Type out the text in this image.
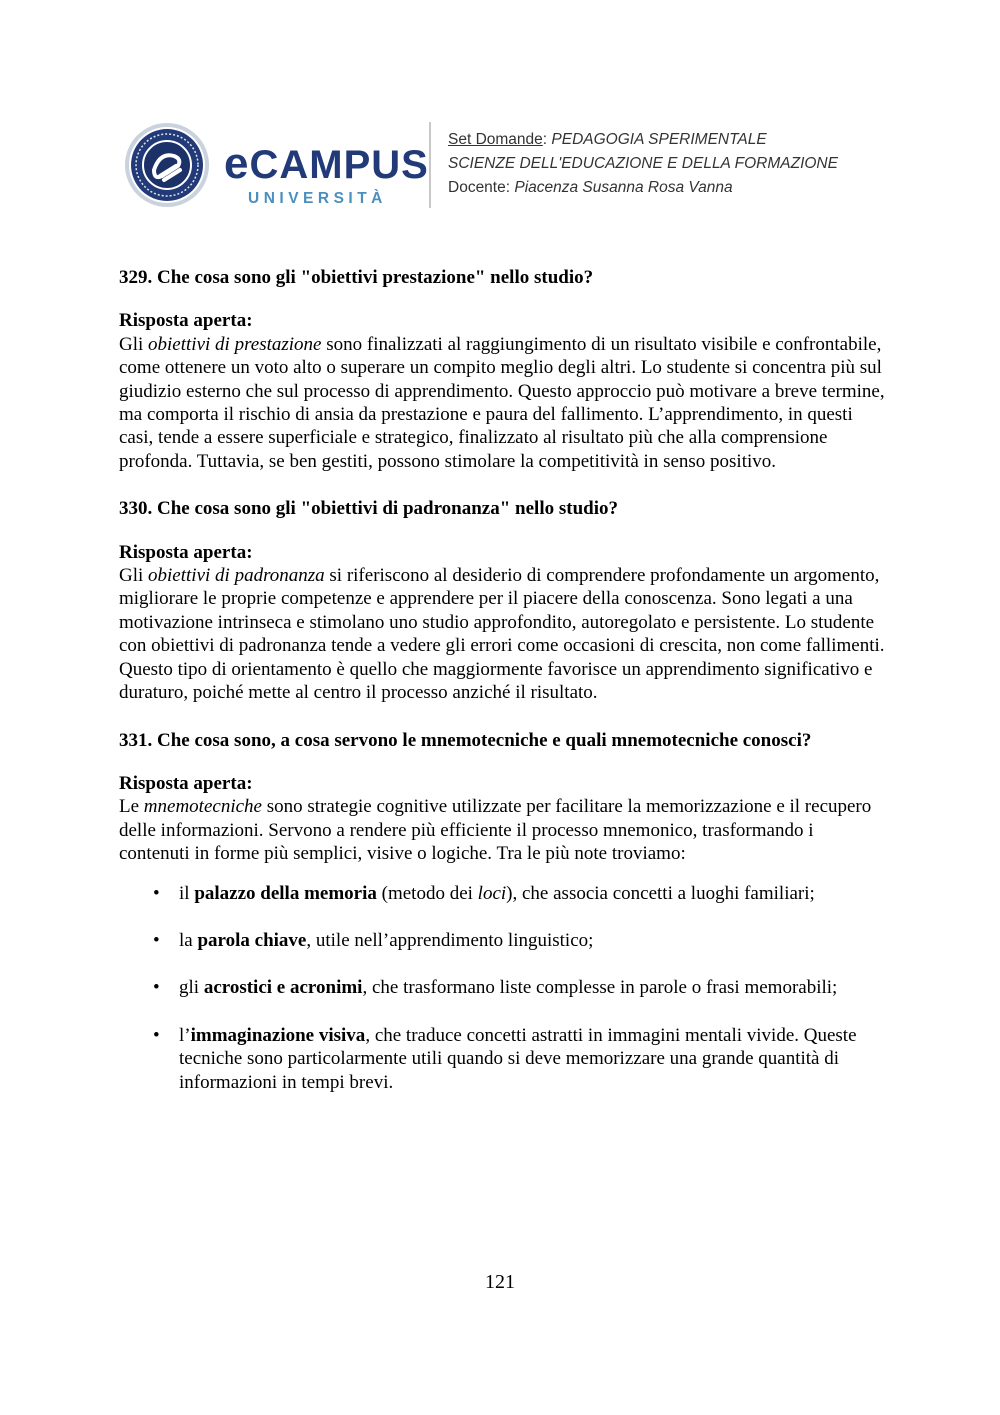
eCAMPUS
UNIVERSITÀ
Set Domande: PEDAGOGIA SPERIMENTALE
SCIENZE DELL'EDUCAZIONE E DELLA FORMAZIONE
Docente: Piacenza Susanna Rosa Vanna

329. Che cosa sono gli "obiettivi prestazione" nello studio?

Risposta aperta:

Gli obiettivi di prestazione sono finalizzati al raggiungimento di un risultato visibile e confrontabile, come ottenere un voto alto o superare un compito meglio degli altri. Lo studente si concentra più sul giudizio esterno che sul processo di apprendimento. Questo approccio può motivare a breve termine, ma comporta il rischio di ansia da prestazione e paura del fallimento. L’apprendimento, in questi casi, tende a essere superficiale e strategico, finalizzato al risultato più che alla comprensione profonda. Tuttavia, se ben gestiti, possono stimolare la competitività in senso positivo.

330. Che cosa sono gli "obiettivi di padronanza" nello studio?

Risposta aperta:

Gli obiettivi di padronanza si riferiscono al desiderio di comprendere profondamente un argomento, migliorare le proprie competenze e apprendere per il piacere della conoscenza. Sono legati a una motivazione intrinseca e stimolano uno studio approfondito, autoregolato e persistente. Lo studente con obiettivi di padronanza tende a vedere gli errori come occasioni di crescita, non come fallimenti. Questo tipo di orientamento è quello che maggiormente favorisce un apprendimento significativo e duraturo, poiché mette al centro il processo anziché il risultato.

331. Che cosa sono, a cosa servono le mnemotecniche e quali mnemotecniche conosci?

Risposta aperta:

Le mnemotecniche sono strategie cognitive utilizzate per facilitare la memorizzazione e il recupero delle informazioni. Servono a rendere più efficiente il processo mnemonico, trasformando i contenuti in forme più semplici, visive o logiche. Tra le più note troviamo:

• il palazzo della memoria (metodo dei loci), che associa concetti a luoghi familiari;
• la parola chiave, utile nell’apprendimento linguistico;
• gli acrostici e acronimi, che trasformano liste complesse in parole o frasi memorabili;
• l’immaginazione visiva, che traduce concetti astratti in immagini mentali vivide. Queste tecniche sono particolarmente utili quando si deve memorizzare una grande quantità di informazioni in tempi brevi.
121
